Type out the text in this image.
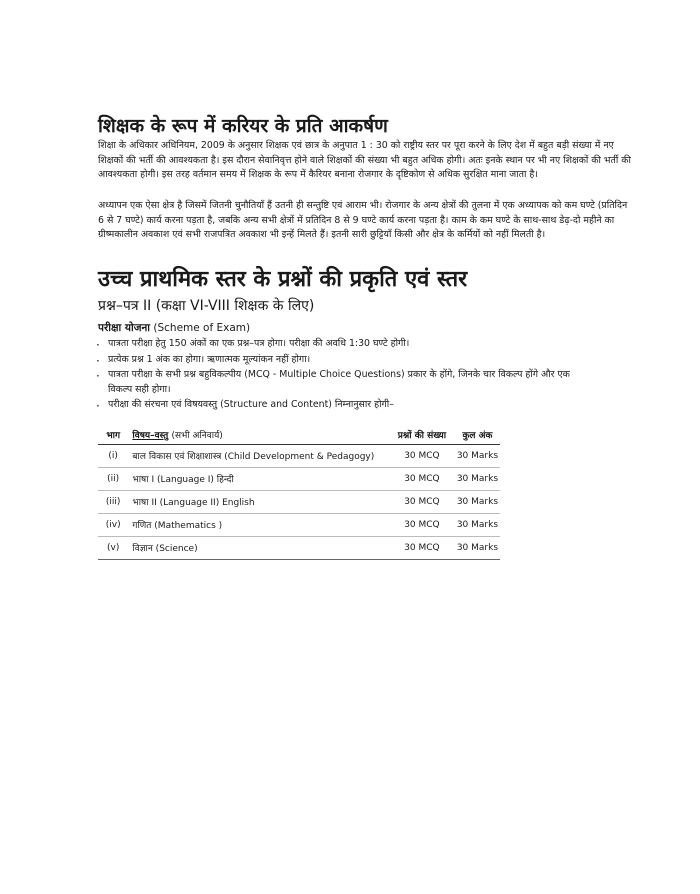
शिक्षक के रूप में करियर के प्रति आकर्षण

शिक्षा के अधिकार अधिनियम, 2009 के अनुसार शिक्षक एवं छात्र के अनुपात 1 : 30 को राष्ट्रीय स्तर पर पूरा करने के लिए देश में बहुत बड़ी संख्या में नए शिक्षकों की भर्ती की आवश्यकता है। इस दौरान सेवानिवृत्त होने वाले शिक्षकों की संख्या भी बहुत अधिक होगी। अतः इनके स्थान पर भी नए शिक्षकों की भर्ती की आवश्यकता होगी। इस तरह वर्तमान समय में शिक्षक के रूप में कैरियर बनाना रोजगार के दृष्टिकोण से अधिक सुरक्षित माना जाता है।

अध्यापन एक ऐसा क्षेत्र है जिसमें जितनी चुनौतियाँ हैं उतनी ही सन्तुष्टि एवं आराम भी। रोजगार के अन्य क्षेत्रों की तुलना में एक अध्यापक को कम घण्टे (प्रतिदिन 6 से 7 घण्टे) कार्य करना पड़ता है, जबकि अन्य सभी क्षेत्रों में प्रतिदिन 8 से 9 घण्टे कार्य करना पड़ता है। काम के कम घण्टे के साथ-साथ डेढ़-दो महीने का ग्रीष्मकालीन अवकाश एवं सभी राजपत्रित अवकाश भी इन्हें मिलते हैं। इतनी सारी छुट्टियाँ किसी और क्षेत्र के कर्मियों को नहीं मिलती है।

उच्च प्राथमिक स्तर के प्रश्नों की प्रकृति एवं स्तर

प्रश्न–पत्र II (कक्षा VI-VIII शिक्षक के लिए)

परीक्षा योजना (Scheme of Exam)

· पात्रता परीक्षा हेतु 150 अंकों का एक प्रश्न–पत्र होगा। परीक्षा की अवधि 1:30 घण्टे होगी।
· प्रत्येक प्रश्न 1 अंक का होगा। ऋणात्मक मूल्यांकन नहीं होगा।
· पात्रता परीक्षा के सभी प्रश्न बहुविकल्पीय (MCQ - Multiple Choice Questions) प्रकार के होंगे, जिनके चार विकल्प होंगे और एक विकल्प सही होगा।
· परीक्षा की संरचना एवं विषयवस्तु (Structure and Content) निम्नानुसार होगी–
भाग	विषय–वस्तु (सभी अनिवार्य)	प्रश्नों की संख्या	कुल अंक
(i)	बाल विकास एवं शिक्षाशास्त्र (Child Development & Pedagogy)	30 MCQ	30 Marks
(ii)	भाषा I (Language I) हिन्दी	30 MCQ	30 Marks
(iii)	भाषा II (Language II) English	30 MCQ	30 Marks
(iv)	गणित (Mathematics )	30 MCQ	30 Marks
(v)	विज्ञान (Science)	30 MCQ	30 Marks
